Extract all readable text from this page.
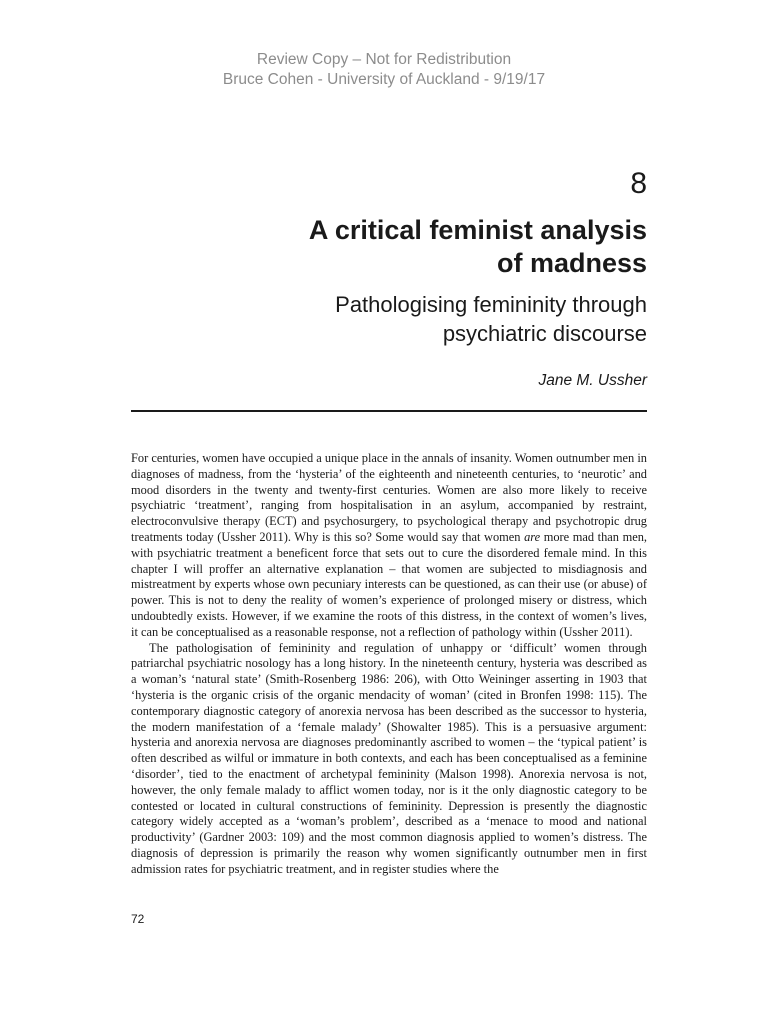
Review Copy – Not for Redistribution
Bruce Cohen - University of Auckland - 9/19/17
8
A critical feminist analysis
of madness
Pathologising femininity through
psychiatric discourse
Jane M. Ussher

For centuries, women have occupied a unique place in the annals of insanity. Women outnumber men in diagnoses of madness, from the ‘hysteria’ of the eighteenth and nineteenth centuries, to ‘neurotic’ and mood disorders in the twenty and twenty-first centuries. Women are also more likely to receive psychiatric ‘treatment’, ranging from hospitalisation in an asylum, accompanied by restraint, electroconvulsive therapy (ECT) and psychosurgery, to psychological therapy and psychotropic drug treatments today (Ussher 2011). Why is this so? Some would say that women are more mad than men, with psychiatric treatment a beneficent force that sets out to cure the disordered female mind. In this chapter I will proffer an alternative explanation – that women are subjected to misdiagnosis and mistreatment by experts whose own pecuniary interests can be questioned, as can their use (or abuse) of power. This is not to deny the reality of women’s experience of prolonged misery or distress, which undoubtedly exists. However, if we examine the roots of this distress, in the context of women’s lives, it can be conceptualised as a reasonable response, not a reflection of pathology within (Ussher 2011).

The pathologisation of femininity and regulation of unhappy or ‘difficult’ women through patriarchal psychiatric nosology has a long history. In the nineteenth century, hysteria was described as a woman’s ‘natural state’ (Smith-Rosenberg 1986: 206), with Otto Weininger asserting in 1903 that ‘hysteria is the organic crisis of the organic mendacity of woman’ (cited in Bronfen 1998: 115). The contemporary diagnostic category of anorexia nervosa has been described as the successor to hysteria, the modern manifestation of a ‘female malady’ (Showalter 1985). This is a persuasive argument: hysteria and anorexia nervosa are diagnoses predominantly ascribed to women – the ‘typical patient’ is often described as wilful or immature in both contexts, and each has been conceptualised as a feminine ‘disorder’, tied to the enactment of archetypal femininity (Malson 1998). Anorexia nervosa is not, however, the only female malady to afflict women today, nor is it the only diagnostic category to be contested or located in cultural constructions of femininity. Depression is presently the diagnostic category widely accepted as a ‘woman’s problem’, described as a ‘menace to mood and national productivity’ (Gardner 2003: 109) and the most common diagnosis applied to women’s distress. The diagnosis of depression is primarily the reason why women significantly outnumber men in first admission rates for psychiatric treatment, and in register studies where the

72
